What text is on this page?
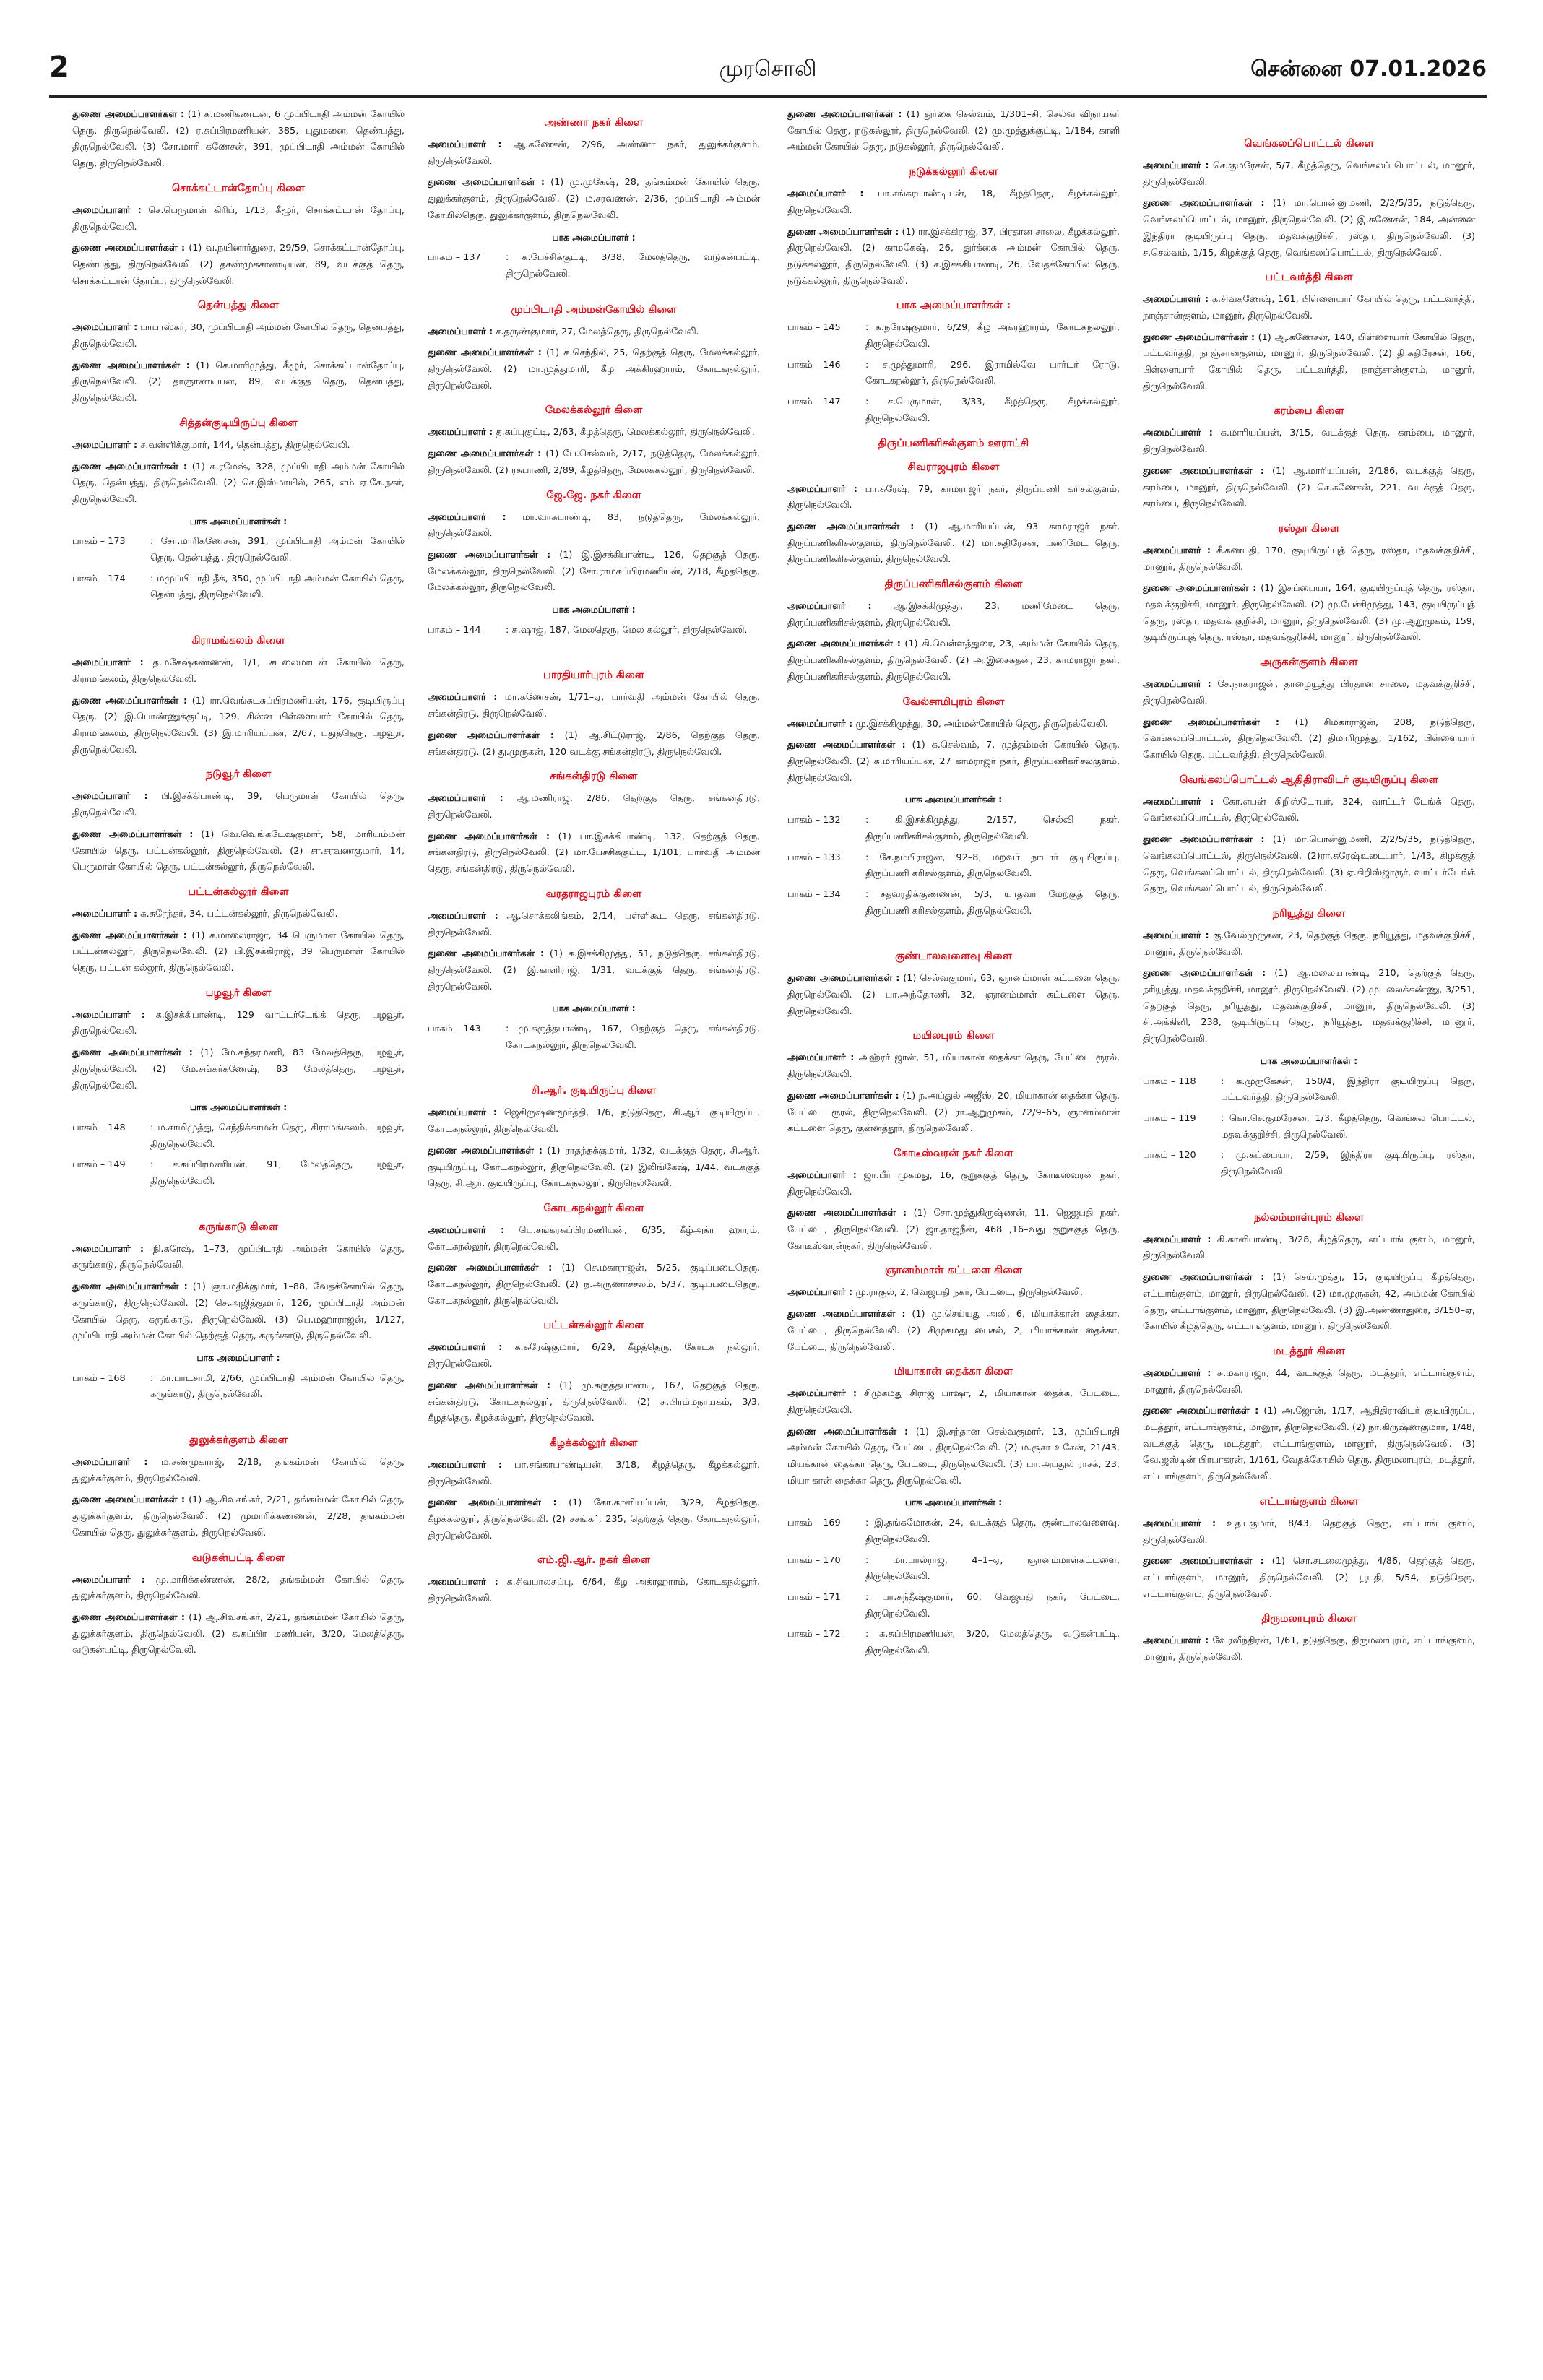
2	முரசொலி	சென்னை 07.01.2026

துணை அமைப்பாளர்கள் : (1) க.மணிகண்டன், 6 முப்பிடாதி அம்மன் கோயில் தெரு, திருநெல்வேலி. (2) ர.சுப்பிரமணியன், 385, புதுமனை, தெண்பத்து, திருநெல்வேலி. (3) சோ.மாரி கணேசன், 391, முப்பிடாதி அம்மன் கோயில் தெரு, திருநெல்வேலி.

சொக்கட்டான்தோப்பு கிளை

அமைப்பாளர் : செ.பெருமாள் கிரிப், 1/13, கீழூர், சொக்கட்டான் தோப்பு, திருநெல்வேலி.

துணை அமைப்பாளர்கள் : (1) வ.நயினார்துரை, 29/59, சொக்கட்டான்தோப்பு, தெண்பத்து, திருநெல்வேலி. (2) தசண்முகசாண்டியன், 89, வடக்குத் தெரு, சொக்கட்டான் தோப்பு, திருநெல்வேலி.

தென்பத்து கிளை

அமைப்பாளர் : பாபாஸ்கர், 30, முப்பிடாதி அம்மன் கோயில் தெரு, தென்பத்து, திருநெல்வேலி.

துணை அமைப்பாளர்கள் : (1) செ.மாரிமுத்து, கீழூர், சொக்கட்டான்தோப்பு, திருநெல்வேலி. (2) தாஞாண்டியன், 89, வடக்குத் தெரு, தென்பத்து, திருநெல்வேலி.

சித்தன்குடியிருப்பு கிளை

அமைப்பாளர் : ச.வள்ளிக்குமார், 144, தென்பத்து, திருநெல்வேலி.

துணை அமைப்பாளர்கள் : (1) க.ரமேஷ், 328, முப்பிடாதி அம்மன் கோயில் தெரு, தென்பத்து, திருநெல்வேலி. (2) செ.இஸ்மாயில், 265, எம் ஏ.கே.நகர், திருநெல்வேலி.

பாக அமைப்பாளர்கள் :
பாகம் – 173	: சோ.மாரிகணேசன், 391, முப்பிடாதி அம்மன் கோயில் தெரு, தென்பத்து, திருநெல்வேலி.
பாகம் – 174	: மமுப்பிடாதி தீக், 350, முப்பிடாதி அம்மன் கோயில் தெரு, தென்பத்து, திருநெல்வேலி.
கிராமங்கலம் கிளை

அமைப்பாளர் : த.மகேஷ்கண்ணன், 1/1, சடலைமாடன் கோயில் தெரு, கிராமங்கலம், திருநெல்வேலி.

துணை அமைப்பாளர்கள் : (1) ரா.வெங்கடசுப்பிரமணியன், 176, குடியிருப்பு தெரு. (2) இ.பொண்ணுக்குட்டி, 129, சின்ன பிள்ளையார் கோயில் தெரு, கிராமங்கலம், திருநெல்வேலி. (3) இ.மாரியப்பன், 2/67, புதுத்தெரு, பழவூர், திருநெல்வேலி.

நடுவூர் கிளை

அமைப்பாளர் : பி.இசக்கிபாண்டி, 39, பெருமாள் கோயில் தெரு, திருநெல்வேலி.

துணை அமைப்பாளர்கள் : (1) வெ.வெங்கடேஷ்குமார், 58, மாரியம்மன் கோயில் தெரு, பட்டன்கல்லூர், திருநெல்வேலி. (2) சா.சரவணகுமார், 14, பெருமாள் கோயில் தெரு, பட்டன்கல்லூர், திருநெல்வேலி.

பட்டன்கல்லூர் கிளை

அமைப்பாளர் : சு.சுரேந்தர், 34, பட்டன்கல்லூர், திருநெல்வேலி.

துணை அமைப்பாளர்கள் : (1) ச.மாலைராஜா, 34 பெருமாள் கோயில் தெரு, பட்டன்கல்லூர், திருநெல்வேலி. (2) பி.இசக்கிராஜ், 39 பெருமாள் கோயில் தெரு, பட்டன் கல்லூர், திருநெல்வேலி.

பழவூர் கிளை

அமைப்பாளர் : க.இசக்கிபாண்டி, 129 வாட்டர்டேங்க் தெரு, பழவூர், திருநெல்வேலி.

துணை அமைப்பாளர்கள் : (1) மே.சுந்தரமணி, 83 மேலத்தெரு, பழவூர், திருநெல்வேலி. (2) மே.சங்கர்கணேஷ், 83 மேலத்தெரு, பழவூர், திருநெல்வேலி.

பாக அமைப்பாளர்கள் :
பாகம் – 148	: ம.சாமிமுத்து, செந்திக்காமன் தெரு, கிராமங்கலம், பழவூர், திருநெல்வேலி.
பாகம் – 149	: ச.சுப்பிரமணியன், 91, மேலத்தெரு, பழவூர், திருநெல்வேலி.
கருங்காடு கிளை

அமைப்பாளர் : நி.சுரேஷ், 1–73, முப்பிடாதி அம்மன் கோயில் தெரு, கருங்காடு, திருநெல்வேலி.

துணை அமைப்பாளர்கள் : (1) ஞா.மதிக்குமார், 1–88, வேதக்கோயில் தெரு, கருங்காடு, திருநெல்வேலி. (2) செ.அஜித்குமார், 126, முப்பிடாதி அம்மன் கோயில் தெரு, கருங்காடு, திருநெல்வேலி. (3) பெ.மஹாராஜன், 1/127, முப்பிடாதி அம்மன் கோயில் தெற்குத் தெரு, கருங்காடு, திருநெல்வேலி.

பாக அமைப்பாளர் :
பாகம் – 168	: மா.பாடசாமி, 2/66, முப்பிடாதி அம்மன் கோயில் தெரு, கருங்காடு, திருநெல்வேலி.
துலுக்கர்குளம் கிளை

அமைப்பாளர் : ம.சண்முகராஜ், 2/18, தங்கம்மன் கோயில் தெரு, துலுக்கர்குளம், திருநெல்வேலி.

துணை அமைப்பாளர்கள் : (1) ஆ.சிவசங்கர், 2/21, தங்கம்மன் கோயில் தெரு, துலுக்கர்குளம், திருநெல்வேலி. (2) முமாரிக்கண்ணன், 2/28, தங்கம்மன் கோயில் தெரு, துலுக்கர்குளம், திருநெல்வேலி.

வடுகன்பட்டி கிளை

அமைப்பாளர் : மு.மாரிக்கண்ணன், 28/2, தங்கம்மன் கோயில் தெரு, துலுக்கர்குளம், திருநெல்வேலி.

துணை அமைப்பாளர்கள் : (1) ஆ.சிவசங்கர், 2/21, தங்கம்மன் கோயில் தெரு, துலுக்கர்குளம், திருநெல்வேலி. (2) க.சுப்பிர மணியன், 3/20, மேலத்தெரு, வடுகன்பட்டி, திருநெல்வேலி.

அண்ணா நகர் கிளை

அமைப்பாளர் : ஆ.கணேசன், 2/96, அண்ணா நகர், துலுக்கர்குளம், திருநெல்வேலி.

துணை அமைப்பாளர்கள் : (1) மு.முகேஷ், 28, தங்கம்மன் கோயில் தெரு, துலுக்கர்குளம், திருநெல்வேலி. (2) ம.சரவணன், 2/36, முப்பிடாதி அம்மன் கோயில்தெரு, துலுக்கர்குளம், திருநெல்வேலி.

பாக அமைப்பாளர் :
பாகம் – 137	: க.பேச்சிக்குட்டி, 3/38, மேலத்தெரு, வடுகன்பட்டி, திருநெல்வேலி.
முப்பிடாதி அம்மன்கோயில் கிளை

அமைப்பாளர் : ச.தருண்குமார், 27, மேலத்தெரு, திருநெல்வேலி.

துணை அமைப்பாளர்கள் : (1) க.செந்தில், 25, தெற்குத் தெரு, மேலக்கல்லூர், திருநெல்வேலி. (2) மா.முத்துமாரி, கீழ அக்கிரஹாரம், கோடகநல்லூர், திருநெல்வேலி.

மேலக்கல்லூர் கிளை

அமைப்பாளர் : த.சுப்புகுட்டி, 2/63, கீழத்தெரு, மேலக்கல்லூர், திருநெல்வேலி.

துணை அமைப்பாளர்கள் : (1) பே.செல்வம், 2/17, நடுத்தெரு, மேலக்கல்லூர், திருநெல்வேலி. (2) ரசுபாணி, 2/89, கீழத்தெரு, மேலக்கல்லூர், திருநெல்வேலி.

ஜே.ஜே. நகர் கிளை

அமைப்பாளர் : மா.வாசுபாண்டி, 83, நடுத்தெரு, மேலக்கல்லூர், திருநெல்வேலி.

துணை அமைப்பாளர்கள் : (1) இ.இசக்கிபாண்டி, 126, தெற்குத் தெரு, மேலக்கல்லூர், திருநெல்வேலி. (2) சோ.ராமசுப்பிரமணியன், 2/18, கீழத்தெரு, மேலக்கல்லூர், திருநெல்வேலி.

பாக அமைப்பாளர் :
பாகம் – 144	: சு.ஷாஜ், 187, மேலதெரு, மேல கல்லூர், திருநெல்வேலி.
பாரதியார்புரம் கிளை

அமைப்பாளர் : மா.கணேசன், 1/71–ஏ, பார்வதி அம்மன் கோயில் தெரு, சங்கன்திரடு, திருநெல்வேலி.

துணை அமைப்பாளர்கள் : (1) ஆ.சிட்டுராஜ், 2/86, தெற்குத் தெரு, சங்கன்திரடு. (2) து.முருகன், 120 வடக்கு சங்கன்திரடு, திருநெல்வேலி.

சங்கன்திரடு கிளை

அமைப்பாளர் : ஆ.மணிராஜ், 2/86, தெற்குத் தெரு, சங்கன்திரடு, திருநெல்வேலி.

துணை அமைப்பாளர்கள் : (1) பா.இசக்கிபாண்டி, 132, தெற்குத் தெரு, சங்கன்திரடு, திருநெல்வேலி. (2) மா.பேச்சிக்குட்டி, 1/101, பார்வதி அம்மன் தெரு, சங்கன்திரடு, திருநெல்வேலி.

வரதராஜபுரம் கிளை

அமைப்பாளர் : ஆ.சொக்கலிங்கம், 2/14, பள்ளிகூட தெரு, சங்கன்திரடு, திருநெல்வேலி.

துணை அமைப்பாளர்கள் : (1) க.இசக்கிமுத்து, 51, நடுத்தெரு, சங்கன்திரடு, திருநெல்வேலி. (2) இ.காளிராஜ், 1/31, வடக்குத் தெரு, சங்கன்திரடு, திருநெல்வேலி.

பாக அமைப்பாளர் :
பாகம் – 143	: மு.சுருத்தபாண்டி, 167, தெற்குத் தெரு, சங்கன்திரடு, கோடகநல்லூர், திருநெல்வேலி.
சி.ஆர். குடியிருப்பு கிளை

அமைப்பாளர் : ஜெகிருஷ்ணமூர்த்தி, 1/6, நடுத்தெரு, சி.ஆர். குடியிருப்பு, கோடகநல்லூர், திருநெல்வேலி.

துணை அமைப்பாளர்கள் : (1) ராதந்தக்குமார், 1/32, வடக்குத் தெரு, சி.ஆர். குடியிருப்பு, கோடகநல்லூர், திருநெல்வேலி. (2) இலிங்கேஷ், 1/44, வடக்குத் தெரு, சி.ஆர். குடியிருப்பு, கோடகநல்லூர், திருநெல்வேலி.

கோடகநல்லூர் கிளை

அமைப்பாளர் : பெ.சங்கரசுப்பிரமணியன், 6/35, கீழ்அக்ர ஹாரம், கோடகநல்லூர், திருநெல்வேலி.

துணை அமைப்பாளர்கள் : (1) செ.மகாராஜன், 5/25, குடிப்படைதெரு, கோடகநல்லூர், திருநெல்வேலி. (2) ந.அருணாச்சலம், 5/37, குடிப்படைதெரு, கோடகநல்லூர், திருநெல்வேலி.

பட்டன்கல்லூர் கிளை

அமைப்பாளர் : க.சுரேஷ்குமார், 6/29, கீழத்தெரு, கோடக நல்லூர், திருநெல்வேலி.

துணை அமைப்பாளர்கள் : (1) மு.சுருத்தபாண்டி, 167, தெற்குத் தெரு, சங்கன்திரடு, கோடகநல்லூர், திருநெல்வேலி. (2) சு.பிரம்மநாயகம், 3/3, கீழத்தெரு, கீழக்கல்லூர், திருநெல்வேலி.

கீழக்கல்லூர் கிளை

அமைப்பாளர் : பா.சங்கரபாண்டியன், 3/18, கீழத்தெரு, கீழக்கல்லூர், திருநெல்வேலி.

துணை அமைப்பாளர்கள் : (1) கோ.காளியப்பன், 3/29, கீழத்தெரு, கீழக்கல்லூர், திருநெல்வேலி. (2) சசங்கர், 235, தெற்குத் தெரு, கோடகநல்லூர், திருநெல்வேலி.

எம்.ஜி.ஆர். நகர் கிளை

அமைப்பாளர் : க.சிவபாலசுப்பு, 6/64, கீழ அக்ரஹாரம், கோடகநல்லூர், திருநெல்வேலி.

துணை அமைப்பாளர்கள் : (1) துர்கை செல்வம், 1/301–சி, செல்வ விநாயகர் கோயில் தெரு, நடுகல்லூர், திருநெல்வேலி. (2) மு.முத்துக்குட்டி, 1/184, காளி அம்மன் கோயில் தெரு, நடுகல்லூர், திருநெல்வேலி.

நடுக்கல்லூர் கிளை

அமைப்பாளர் : பா.சங்கரபாண்டியன், 18, கீழத்தெரு, கீழக்கல்லூர், திருநெல்வேலி.

துணை அமைப்பாளர்கள் : (1) ரா.இசக்கிராஜ், 37, பிரதான சாலை, கீழக்கல்லூர், திருநெல்வேலி. (2) காமகேஷ், 26, துர்க்கை அம்மன் கோயில் தெரு, நடுக்கல்லூர், திருநெல்வேலி. (3) ச.இசக்கிபாண்டி, 26, வேதக்கோயில் தெரு, நடுக்கல்லூர், திருநெல்வேலி.

பாக அமைப்பாளர்கள் :
பாகம் – 145	: க.நரேஷ்குமார், 6/29, கீழ அக்ரஹாரம், கோடகநல்லூர், திருநெல்வேலி.
பாகம் – 146	: ச.முத்துமாரி, 296, இராமில்வே பார்டர் ரோடு, கோடகநல்லூர், திருநெல்வேலி.
பாகம் – 147	: ச.பெருமாள், 3/33, கீழத்தெரு, கீழக்கல்லூர், திருநெல்வேலி.
திருப்பணிகரிசல்குளம் ஊராட்சி
சிவராஜபுரம் கிளை

அமைப்பாளர் : பா.சுரேஷ், 79, காமராஜர் நகர், திருப்பணி கரிசல்குளம், திருநெல்வேலி.

துணை அமைப்பாளர்கள் : (1) ஆ.மாரியப்பன், 93 காமராஜர் நகர், திருப்பணிகரிசல்குளம், திருநெல்வேலி. (2) மா.சுதிரேசன், பணிமேட தெரு, திருப்பணிகரிசல்குளம், திருநெல்வேலி.

திருப்பணிகரிசல்குளம் கிளை

அமைப்பாளர் : ஆ.இசக்கிமுத்து, 23, மணிமேடை தெரு, திருப்பணிகரிசல்குளம், திருநெல்வேலி.

துணை அமைப்பாளர்கள் : (1) கி.வெள்ளத்துரை, 23, அம்மன் கோயில் தெரு, திருப்பணிகரிசல்குளம், திருநெல்வேலி. (2) அ.இசைசுதன், 23, காமராஜர் நகர், திருப்பணிகரிசல்குளம், திருநெல்வேலி.

வேல்சாமிபுரம் கிளை

அமைப்பாளர் : மு.இசக்கிமுத்து, 30, அம்மன்கோயில் தெரு, திருநெல்வேலி.

துணை அமைப்பாளர்கள் : (1) க.செல்வம், 7, முத்தம்மன் கோயில் தெரு, திருநெல்வேலி. (2) க.மாரியப்பன், 27 காமராஜர் நகர், திருப்பணிகரிசல்குளம், திருநெல்வேலி.

பாக அமைப்பாளர்கள் :
பாகம் – 132	: கி.இசக்கிமுத்து, 2/157, செல்வி நகர், திருப்பணிகரிசல்குளம், திருநெல்வேலி.
பாகம் – 133	: சே.நம்பிராஜன், 92–8, மறவர் நாடார் குடியிருப்பு, திருப்பணி கரிசல்குளம், திருநெல்வேலி.
பாகம் – 134	: சதவரதிக்குண்ணன், 5/3, யாதவர் மேற்குத் தெரு, திருப்பணி கரிசல்குளம், திருநெல்வேலி.
குண்டாலவளைவு கிளை

துணை அமைப்பாளர்கள் : (1) செல்வகுமார், 63, ஞானம்மாள் கட்டளை தெரு, திருநெல்வேலி. (2) பா.அந்தோணி, 32, ஞானம்மாள் கட்டளை தெரு, திருநெல்வேலி.

மயிலபுரம் கிளை

அமைப்பாளர் : அஹ்ரர் ஜான், 51, மியாகான் தைக்கா தெரு, பேட்டை ரூரல், திருநெல்வேலி.

துணை அமைப்பாளர்கள் : (1) ந.அப்துல் அஜீஸ், 20, மியாகான் தைக்கா தெரு, பேட்டை ரூரல், திருநெல்வேலி. (2) ரா.ஆறுமுகம், 72/9–65, ஞானம்மாள் கட்டளை தெரு, குன்னத்தூர், திருநெல்வேலி.

கோடீஸ்வரன் நகர் கிளை

அமைப்பாளர் : ஜா.பீர் முகமது, 16, குறுக்குத் தெரு, கோடீஸ்வரன் நகர், திருநெல்வேலி.

துணை அமைப்பாளர்கள் : (1) சோ.முத்துகிருஷ்ணன், 11, ஜெஜபதி நகர், பேட்டை, திருநெல்வேலி. (2) ஜா.தாஜ்நீன், 468 ,16–வது குறுக்குத் தெரு, கோடீஸ்வரன்நகர், திருநெல்வேலி.

ஞானம்மாள் கட்டளை கிளை

அமைப்பாளர் : மு.ராகுல், 2, வெஜபதி நகர், பேட்டை, திருநெல்வேலி.

துணை அமைப்பாளர்கள் : (1) மு.செய்யது அலி, 6, மியாக்கான் தைக்கா, பேட்டை, திருநெல்வேலி. (2) சிமுகமது பைசல், 2, மியாக்கான் தைக்கா, பேட்டை, திருநெல்வேலி.

மியாகான் தைக்கா கிளை

அமைப்பாளர் : சிமுகமது சிராஜ் பாஷா, 2, மியாகான் தைக்க, பேட்டை, திருநெல்வேலி.

துணை அமைப்பாளர்கள் : (1) இ.சந்தான செல்வகுமார், 13, முப்பிடாதி அம்மன் கோயில் தெரு, பேட்டை, திருநெல்வேலி. (2) ம.சூசா உசேன், 21/43, மியக்கான் தைக்கா தெரு, பேட்டை, திருநெல்வேலி. (3) பா.அப்துல் ராசக், 23, மியா கான் தைக்கா தெரு, திருநெல்வேலி.

பாக அமைப்பாளர்கள் :
பாகம் – 169	: இ.தங்கமோகன், 24, வடக்குத் தெரு, குண்டாலவளைவு, திருநெல்வேலி.
பாகம் – 170	: மா.பால்ராஜ், 4–1–ஏ, ஞானம்மாள்கட்டளை, திருநெல்வேலி.
பாகம் – 171	: பா.சுந்தீஷ்குமார், 60, வெஜபதி நகர், பேட்டை, திருநெல்வேலி.
பாகம் – 172	: சு.சுப்பிரமணியன், 3/20, மேலத்தெரு, வடுகன்பட்டி, திருநெல்வேலி.
வெங்கலப்பொட்டல் கிளை

அமைப்பாளர் : செ.குமரேசன், 5/7, கீழத்தெரு, வெங்கலப் பொட்டல், மானூர், திருநெல்வேலி.

துணை அமைப்பாளர்கள் : (1) மா.பொன்னுமணி, 2/2/5/35, நடுத்தெரு, வெங்கலப்பொட்டல், மானூர், திருநெல்வேலி. (2) இ.கணேசன், 184, அன்னை இந்திரா குடியிருப்பு தெரு, மதவக்குறிச்சி, ரஸ்தா, திருநெல்வேலி. (3) ச.செல்வம், 1/15, கிழக்குத் தெரு, வெங்கலப்பொட்டல், திருநெல்வேலி.

பட்டவர்த்தி கிளை

அமைப்பாளர் : க.சிவகணேஷ், 161, பிள்ளையார் கோயில் தெரு, பட்டவர்த்தி, நாஞ்சான்குளம், மானூர், திருநெல்வேலி.

துணை அமைப்பாளர்கள் : (1) ஆ.கணேசன், 140, பிள்ளையார் கோயில் தெரு, பட்டவர்த்தி, நாஞ்சான்குளம், மானூர், திருநெல்வேலி. (2) தி.சுதிரேசன், 166, பிள்ளையார் கோயில் தெரு, பட்டவர்த்தி, நாஞ்சான்குளம், மானூர், திருநெல்வேலி.

கரம்பை கிளை

அமைப்பாளர் : க.மாரியப்பன், 3/15, வடக்குத் தெரு, கரம்பை, மானூர், திருநெல்வேலி.

துணை அமைப்பாளர்கள் : (1) ஆ.மாரியப்பன், 2/186, வடக்குத் தெரு, கரம்பை, மானூர், திருநெல்வேலி. (2) செ.கணேசன், 221, வடக்குத் தெரு, கரம்பை, திருநெல்வேலி.

ரஸ்தா கிளை

அமைப்பாளர் : சீ.கணபதி, 170, குடியிருப்புத் தெரு, ரஸ்தா, மதவக்குறிச்சி, மானூர், திருநெல்வேலி.

துணை அமைப்பாளர்கள் : (1) இசுப்பையா, 164, குடியிருப்புத் தெரு, ரஸ்தா, மதவக்குறிச்சி, மானூர், திருநெல்வேலி. (2) மு.பேச்சிமுத்து, 143, குடியிருப்புத் தெரு, ரஸ்தா, மதவக் குறிச்சி, மானூர், திருநெல்வேலி. (3) மு.ஆறுமுகம், 159, குடியிருப்புத் தெரு, ரஸ்தா, மதவக்குறிச்சி, மானூர், திருநெல்வேலி.

அருகன்குளம் கிளை

அமைப்பாளர் : சே.நாகராஜன், தாழையூத்து பிரதான சாலை, மதவக்குறிச்சி, திருநெல்வேலி.

துணை அமைப்பாளர்கள் : (1) சிமகாராஜன், 208, நடுத்தெரு, வெங்கலப்பொட்டல், திருநெல்வேலி. (2) திமாரிமுத்து, 1/162, பிள்ளையார் கோயில் தெரு, பட்டவர்த்தி, திருநெல்வேலி.

வெங்கலப்பொட்டல் ஆதிதிராவிடர் குடியிருப்பு கிளை

அமைப்பாளர் : கோ.எபன் கிறிஸ்டோபர், 324, வாட்டர் டேங்க் தெரு, வெங்கலப்பொட்டல், திருநெல்வேலி.

துணை அமைப்பாளர்கள் : (1) மா.பொன்னுமணி, 2/2/5/35, நடுத்தெரு, வெங்கலப்பொட்டல், திருநெல்வேலி. (2)ரா.சுரேஷ்உடையார், 1/43, கிழக்குத் தெரு, வெங்கலப்பொட்டல், திருநெல்வேலி. (3) ஏ.கிறிஸ்ஜாரூர், வாட்டர்டேங்க் தெரு, வெங்கலப்பொட்டல், திருநெல்வேலி.

நரியூத்து கிளை

அமைப்பாளர் : கு.வேல்முருகன், 23, தெற்குத் தெரு, நரியூத்து, மதவக்குறிச்சி, மானூர், திருநெல்வேலி.

துணை அமைப்பாளர்கள் : (1) ஆ.மலையாண்டி, 210, தெற்குத் தெரு, நரியூத்து, மதவக்குறிச்சி, மானூர், திருநெல்வேலி. (2) முடலைக்கண்ணு, 3/251, தெற்குத் தெரு, நரியூத்து, மதவக்குறிச்சி, மானூர், திருநெல்வேலி. (3) சி.அக்கினி, 238, குடியிருப்பு தெரு, நரியூத்து, மதவக்குறிச்சி, மானூர், திருநெல்வேலி.

பாக அமைப்பாளர்கள் :
பாகம் – 118	: சு.முருகேசன், 150/4, இந்திரா குடியிருப்பு தெரு, பட்டவர்த்தி, திருநெல்வேலி.
பாகம் – 119	: கொ.செ.குமரேசன், 1/3, கீழத்தெரு, வெங்கல பொட்டல், மதவக்குறிச்சி, திருநெல்வேலி.
பாகம் – 120	: மு.சுப்பையா, 2/59, இந்திரா குடியிருப்பு, ரஸ்தா, திருநெல்வேலி.
நல்லம்மாள்புரம் கிளை

அமைப்பாளர் : கி.காளிபாண்டி, 3/28, கீழத்தெரு, எட்டாங் குளம், மானூர், திருநெல்வேலி.

துணை அமைப்பாளர்கள் : (1) செய்.முத்து, 15, குடியிருப்பு கீழத்தெரு, எட்டாங்குளம், மானூர், திருநெல்வேலி. (2) மா.முருகன், 42, அம்மன் கோயில் தெரு, எட்டாங்குளம், மானூர், திருநெல்வேலி. (3) இ.அண்ணாதுரை, 3/150–ஏ, கோயில் கீழத்தெரு, எட்டாங்குளம், மானூர், திருநெல்வேலி.

மடத்தூர் கிளை

அமைப்பாளர் : சு.மகாராஜா, 44, வடக்குத் தெரு, மடத்தூர், எட்டாங்குளம், மானூர், திருநெல்வேலி.

துணை அமைப்பாளர்கள் : (1) அ.ஜோன், 1/17, ஆதிதிராவிடர் குடியிருப்பு, மடத்தூர், எட்டாங்குளம், மானூர், திருநெல்வேலி. (2) நா.கிருஷ்ணகுமார், 1/48, வடக்குத் தெரு, மடத்தூர், எட்டாங்குளம், மானூர், திருநெல்வேலி. (3) வே.ஜஸ்டின் பிரபாகரன், 1/161, வேதக்கோயில் தெரு, திருமலாபுரம், மடத்தூர், எட்டாங்குளம், திருநெல்வேலி.

எட்டாங்குளம் கிளை

அமைப்பாளர் : உதயகுமார், 8/43, தெற்குத் தெரு, எட்டாங் குளம், திருநெல்வேலி.

துணை அமைப்பாளர்கள் : (1) சொ.சடலைமுத்து, 4/86, தெற்குத் தெரு, எட்டாங்குளம், மானூர், திருநெல்வேலி. (2) பூபதி, 5/54, நடுத்தெரு, எட்டாங்குளம், திருநெல்வேலி.

திருமலாபுரம் கிளை

அமைப்பாளர் : வேரவீந்திரன், 1/61, நடுத்தெரு, திருமலாபுரம், எட்டாங்குளம், மானூர், திருநெல்வேலி.
